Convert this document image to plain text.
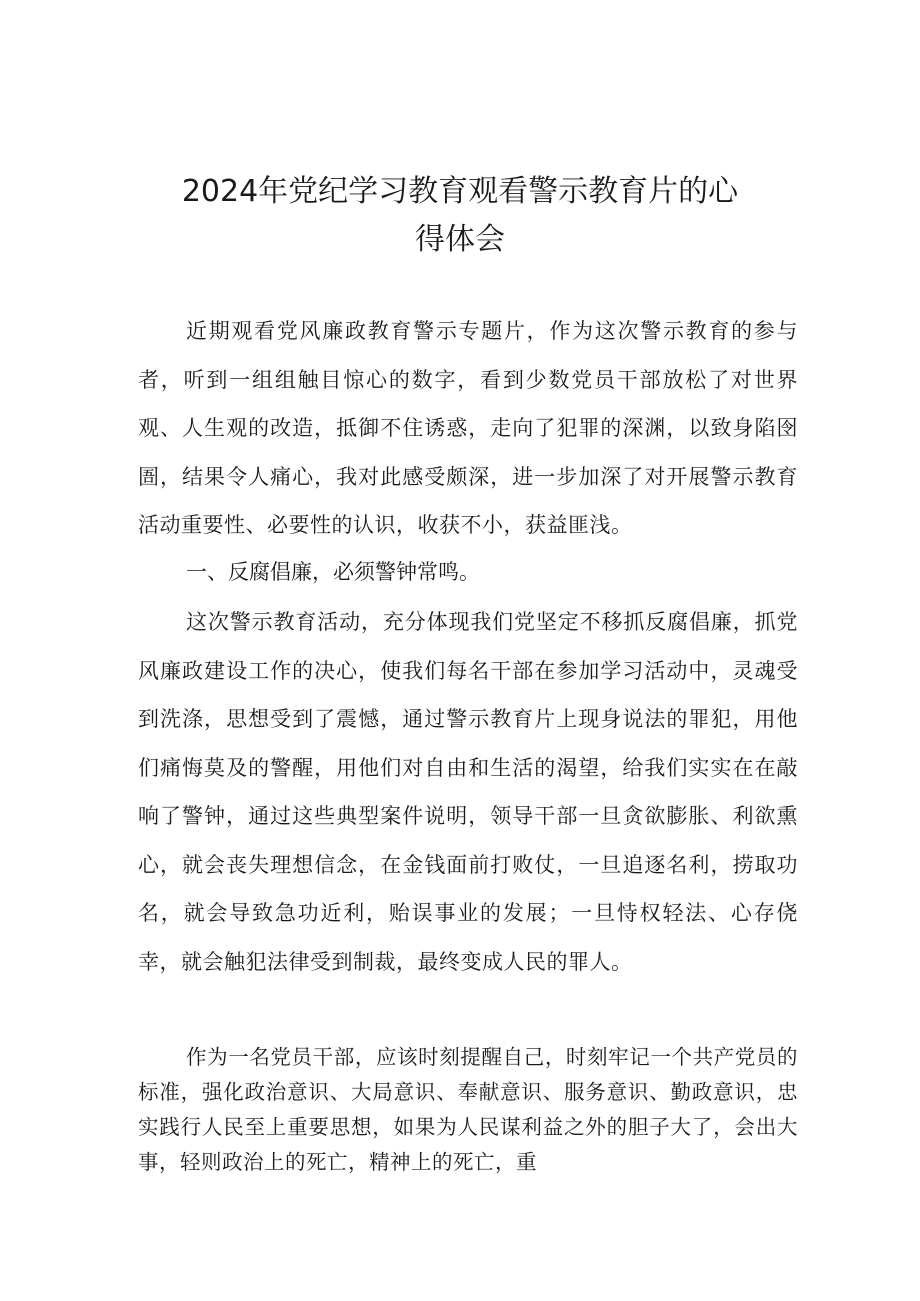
2024年党纪学习教育观看警示教育片的心
得体会

近期观看党风廉政教育警示专题片，作为这次警示教育的参与者，听到一组组触目惊心的数字，看到少数党员干部放松了对世界观、人生观的改造，抵御不住诱惑，走向了犯罪的深渊，以致身陷囹圄，结果令人痛心，我对此感受颇深，进一步加深了对开展警示教育活动重要性、必要性的认识，收获不小，获益匪浅。

一、反腐倡廉，必须警钟常鸣。

这次警示教育活动，充分体现我们党坚定不移抓反腐倡廉，抓党风廉政建设工作的决心，使我们每名干部在参加学习活动中，灵魂受到洗涤，思想受到了震憾，通过警示教育片上现身说法的罪犯，用他们痛悔莫及的警醒，用他们对自由和生活的渴望，给我们实实在在敲响了警钟，通过这些典型案件说明，领导干部一旦贪欲膨胀、利欲熏心，就会丧失理想信念，在金钱面前打败仗，一旦追逐名利，捞取功名，就会导致急功近利，贻误事业的发展；一旦恃权轻法、心存侥幸，就会触犯法律受到制裁，最终变成人民的罪人。

作为一名党员干部，应该时刻提醒自己，时刻牢记一个共产党员的标准，强化政治意识、大局意识、奉献意识、服务意识、勤政意识，忠实践行人民至上重要思想，如果为人民谋利益之外的胆子大了，会出大事，轻则政治上的死亡，精神上的死亡，重
